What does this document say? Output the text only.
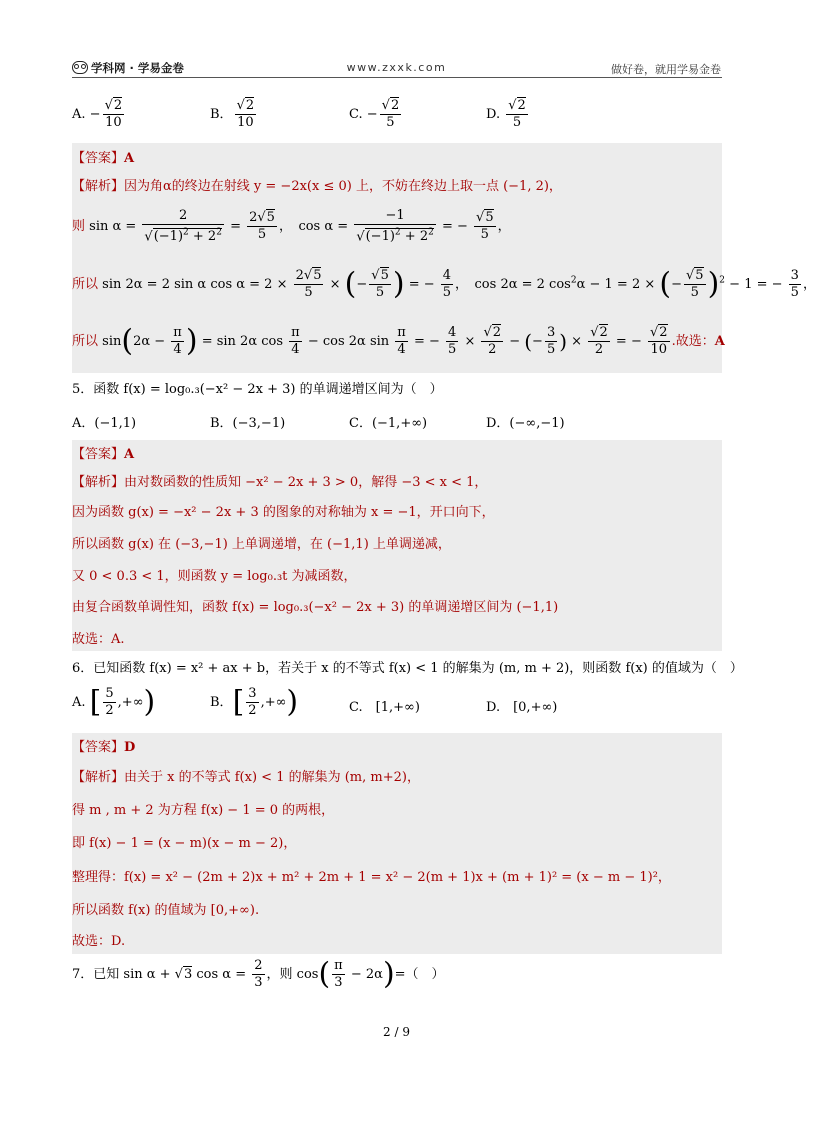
学科网 · 学易金卷	www.zxxk.com	做好卷，就用学易金卷
A. − $\frac{√2}{10}$	B． $\frac{√2}{10}$	C. − $\frac{√2}{5}$	D. $\frac{√2}{5}$
【答案】A
【解析】因为角α的终边在射线 y = −2x(x ≤ 0) 上，不妨在终边上取一点 (−1, 2)，
则 $\sin \alpha = \frac{2}{√(-1)^2 + 2^2} = \frac{2√5}{5}$ ，　$\cos \alpha = \frac{-1}{√(-1)^2 + 2^2}$ = − $\frac{√5}{5}$ ，
所以 sin 2α = 2 sin α $\cos \alpha = 2 \times \frac{2√5}{5}$ × (− $\frac{√5}{5}$ ) = − $\frac{4}{5}$ ，　cos 2α = 2 $\cos^2\alpha - 1 = 2$ × (− $\frac{√5}{5} )^2 - 1$ = − $\frac{3}{5}$ ，
所以 $\sin(2\alpha - \frac{\pi}{4}$ ) = sin 2α $\cos \frac{\pi}{4} - \cos 2\alpha$ $\sin \frac{\pi}{4}$ = − $\frac{4}{5} \times \frac{√2}{2}$ − (− $\frac{3}{5}$ ) × $\frac{√2}{2}$ = − $\frac{√2}{10}$ .故选：A
5．函数 f(x) = log₀.₃(−x² − 2x + 3) 的单调递增区间为（　）
A．(−1,1)	B．(−3,−1)	C．(−1,+∞)	D．(−∞,−1)
【答案】A
【解析】由对数函数的性质知 −x² − 2x + 3 > 0，解得 −3 < x < 1，
因为函数 g(x) = −x² − 2x + 3 的图象的对称轴为 x = −1，开口向下，
所以函数 g(x) 在 (−3,−1) 上单调递增，在 (−1,1) 上单调递减，
又 0 < 0.3 < 1，则函数 y = log₀.₃t 为减函数，
由复合函数单调性知，函数 f(x) = log₀.₃(−x² − 2x + 3) 的单调递增区间为 (−1,1)
故选：A.
6．已知函数 f(x) = x² + ax + b，若关于 x 的不等式 f(x) < 1 的解集为 (m, m + 2)，则函数 f(x) 的值域为（　）
A. [ $\frac{5}{2}$ ,+∞)	B．[ $\frac{3}{2}$ ,+∞)	C.　[1,+∞)	D.　[0,+∞)
【答案】D
【解析】由关于 x 的不等式 f(x) < 1 的解集为 (m, m+2)，
得 m , m + 2 为方程 f(x) − 1 = 0 的两根，
即 f(x) − 1 = (x − m)(x − m − 2)，
整理得：f(x) = x² − (2m + 2)x + m² + 2m + 1 = x² − 2(m + 1)x + (m + 1)² = (x − m − 1)²，
所以函数 f(x) 的值域为 [0,+∞).
故选：D.
7．已知 sin α + √3 $\cos \alpha = \frac{2}{3}$ ，则 $\cos( \frac{\pi}{3} - 2\alpha)=$（　）
2 / 9
